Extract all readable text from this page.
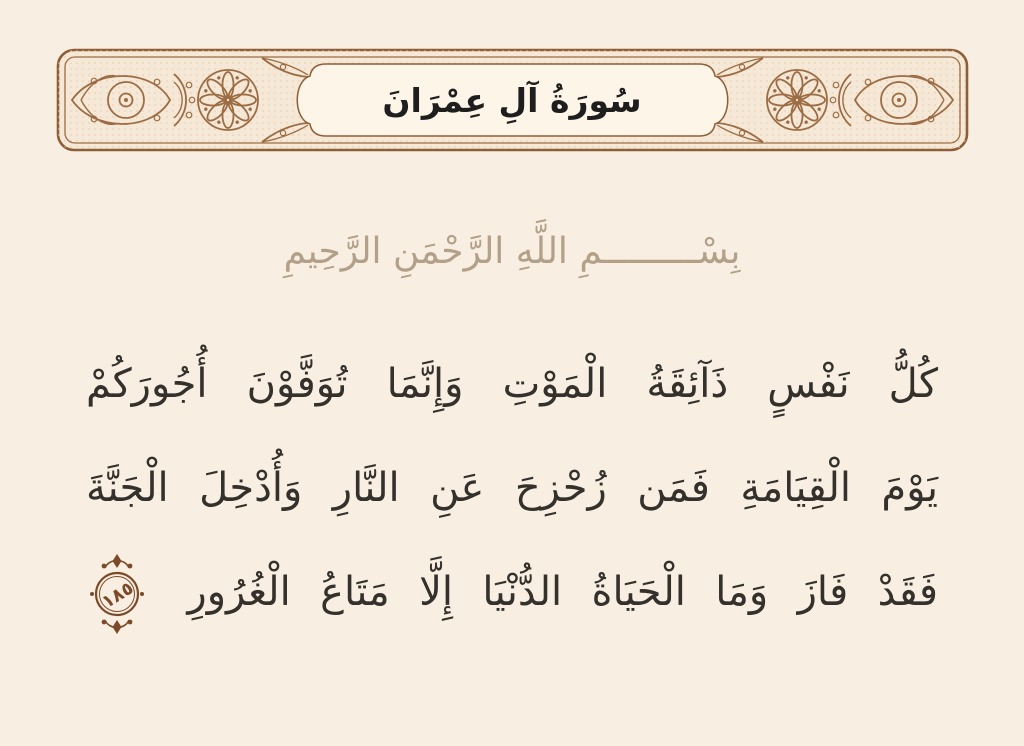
سُورَةُ آلِ عِمْرَانَ
بِسْـــــــــمِ اللَّهِ الرَّحْمَنِ الرَّحِيمِ
كُلُّ نَفْسٍ ذَآئِقَةُ الْمَوْتِ وَإِنَّمَا تُوَفَّوْنَ أُجُورَكُمْ
يَوْمَ الْقِيَامَةِ فَمَن زُحْزِحَ عَنِ النَّارِ وَأُدْخِلَ الْجَنَّةَ
فَقَدْ فَازَ وَمَا الْحَيَاةُ الدُّنْيَا إِلَّا مَتَاعُ الْغُرُورِ
١٨٥
